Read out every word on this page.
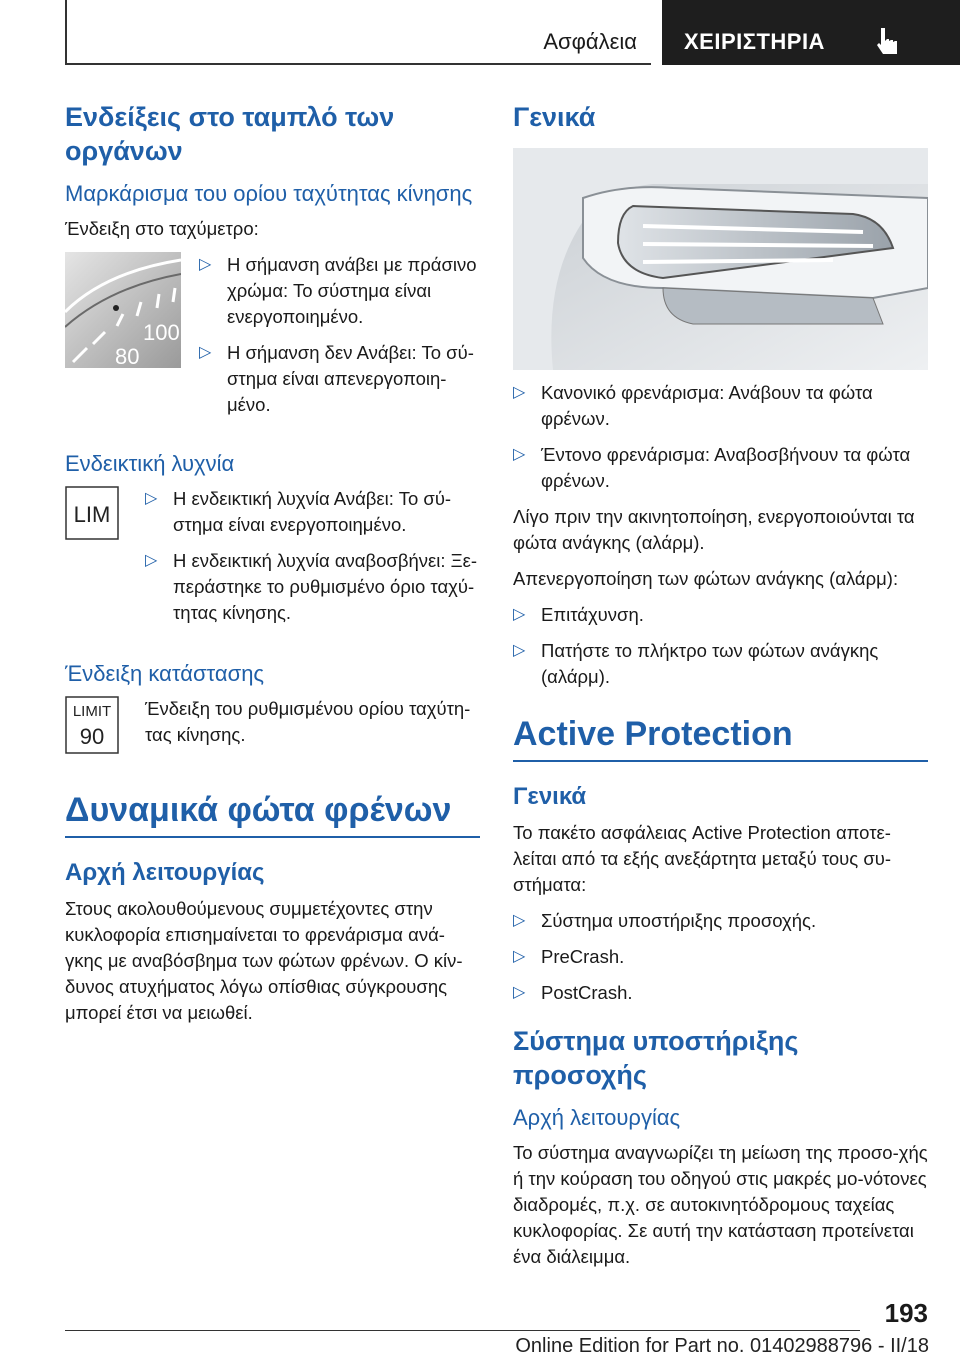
Ασφάλεια ΧΕΙΡΙΣΤΗΡΙΑ
Ενδείξεις στο ταμπλό των οργάνων
Μαρκάρισμα του ορίου ταχύτητας κίνησης

Ένδειξη στο ταχύμετρο:

100
80
▷ Η σήμανση ανάβει με πράσινο χρώμα: Το σύστημα είναι ενεργοποιημένο.
▷ Η σήμανση δεν Ανάβει: Το σύ-στημα είναι απενεργοποιη-μένο.
Ενδεικτική λυχνία
LIM
▷ Η ενδεικτική λυχνία Ανάβει: Το σύ-στημα είναι ενεργοποιημένο.
▷ Η ενδεικτική λυχνία αναβοσβήνει: Ξε-περάστηκε το ρυθμισμένο όριο ταχύ-τητας κίνησης.
Ένδειξη κατάστασης
LIMIT
90

Ένδειξη του ρυθμισμένου ορίου ταχύτη-τας κίνησης.

Δυναμικά φώτα φρένων
Αρχή λειτουργίας

Στους ακολουθούμενους συμμετέχοντες στην κυκλοφορία επισημαίνεται το φρενάρισμα ανά-γκης με αναβόσβημα των φώτων φρένων. Ο κίν-δυνος ατυχήματος λόγω οπίσθιας σύγκρουσης μπορεί έτσι να μειωθεί.

Γενικά
▷ Κανονικό φρενάρισμα: Ανάβουν τα φώτα φρένων.
▷ Έντονο φρενάρισμα: Αναβοσβήνουν τα φώτα φρένων.

Λίγο πριν την ακινητοποίηση, ενεργοποιούνται τα φώτα ανάγκης (αλάρμ).

Απενεργοποίηση των φώτων ανάγκης (αλάρμ):

▷ Επιτάχυνση.
▷ Πατήστε το πλήκτρο των φώτων ανάγκης (αλάρμ).
Active Protection
Γενικά

Το πακέτο ασφάλειας Active Protection αποτε-λείται από τα εξής ανεξάρτητα μεταξύ τους συ-στήματα:

▷ Σύστημα υποστήριξης προσοχής.
▷ PreCrash.
▷ PostCrash.
Σύστημα υποστήριξης προσοχής
Αρχή λειτουργίας

Το σύστημα αναγνωρίζει τη μείωση της προσο-χής ή την κούραση του οδηγού στις μακρές μο-νότονες διαδρομές, π.χ. σε αυτοκινητόδρομους ταχείας κυκλοφορίας. Σε αυτή την κατάσταση προτείνεται ένα διάλειμμα.

193
Online Edition for Part no. 01402988796 - II/18
